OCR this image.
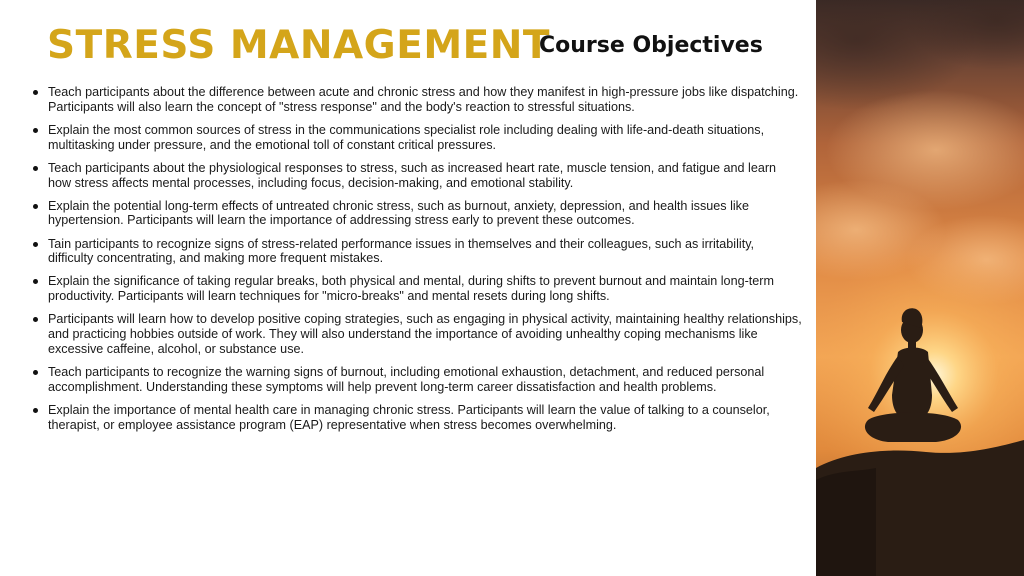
STRESS MANAGEMENT
Course Objectives
Teach participants about the difference between acute and chronic stress and how they manifest in high-pressure jobs like dispatching. Participants will also learn the concept of "stress response" and the body's reaction to stressful situations.
Explain the most common sources of stress in the communications specialist role including dealing with life-and-death situations, multitasking under pressure, and the emotional toll of constant critical pressures.
Teach participants about the physiological responses to stress, such as increased heart rate, muscle tension, and fatigue and learn how stress affects mental processes, including focus, decision-making, and emotional stability.
Explain the potential long-term effects of untreated chronic stress, such as burnout, anxiety, depression, and health issues like hypertension. Participants will learn the importance of addressing stress early to prevent these outcomes.
Tain participants to recognize signs of stress-related performance issues in themselves and their colleagues, such as irritability, difficulty concentrating, and making more frequent mistakes.
Explain the significance of taking regular breaks, both physical and mental, during shifts to prevent burnout and maintain long-term productivity. Participants will learn techniques for "micro-breaks" and mental resets during long shifts.
Participants will learn how to develop positive coping strategies, such as engaging in physical activity, maintaining healthy relationships, and practicing hobbies outside of work. They will also understand the importance of avoiding unhealthy coping mechanisms like excessive caffeine, alcohol, or substance use.
Teach participants to recognize the warning signs of burnout, including emotional exhaustion, detachment, and reduced personal accomplishment. Understanding these symptoms will help prevent long-term career dissatisfaction and health problems.
Explain the importance of mental health care in managing chronic stress. Participants will learn the value of talking to a counselor, therapist, or employee assistance program (EAP) representative when stress becomes overwhelming.
